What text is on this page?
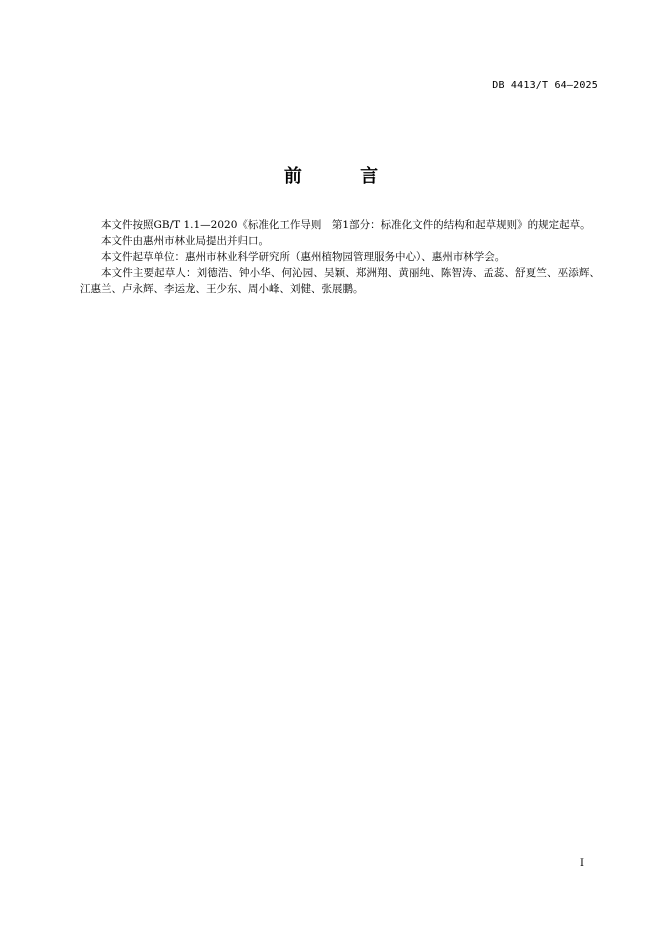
DB 4413/T 64—2025
前 言

本文件按照GB/T 1.1—2020《标准化工作导则　第1部分：标准化文件的结构和起草规则》的规定起草。

本文件由惠州市林业局提出并归口。

本文件起草单位：惠州市林业科学研究所（惠州植物园管理服务中心）、惠州市林学会。

本文件主要起草人：刘德浩、钟小华、何沁园、吴颖、郑洲翔、黄丽纯、陈智涛、孟蕊、舒夏竺、巫添辉、江惠兰、卢永辉、李运龙、王少东、周小峰、刘健、张展鹏。

I
